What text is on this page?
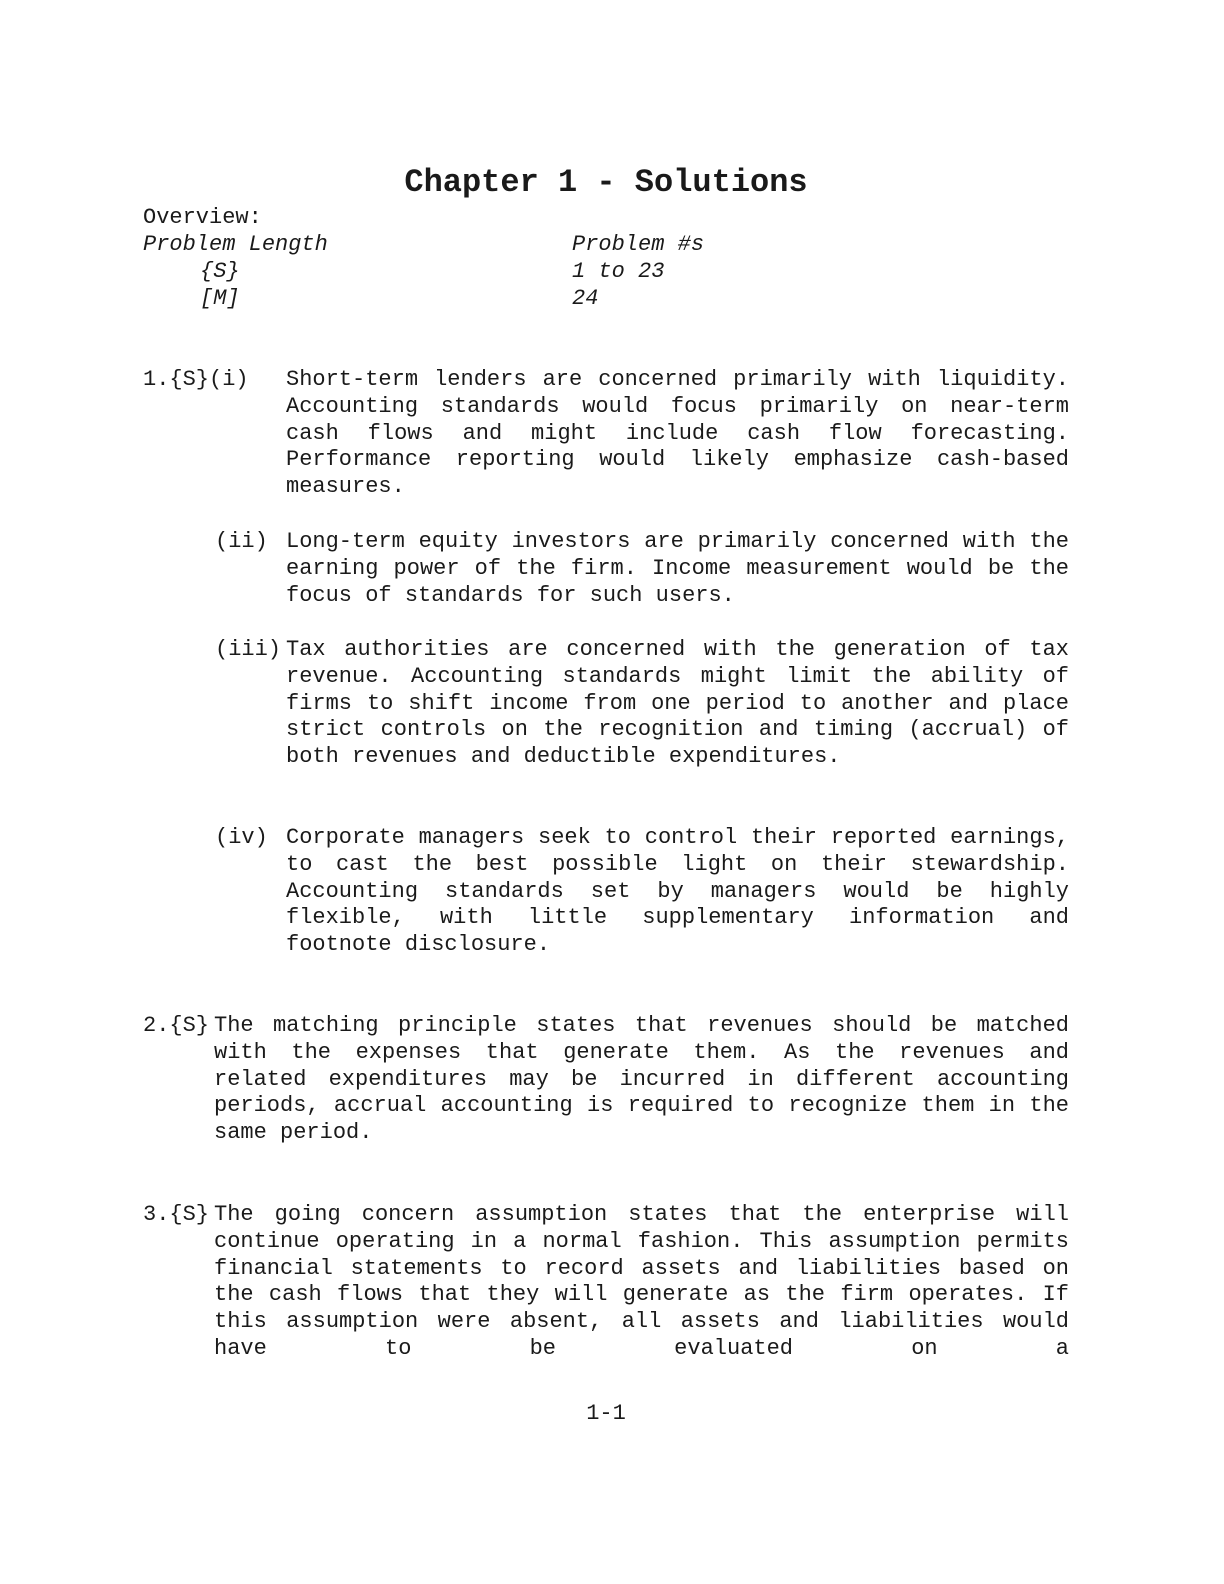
Chapter 1 - Solutions
Overview:
Problem Length	Problem #s
{S}	1 to 23
[M]	24
1.{S}(i) Short-term lenders are concerned primarily with liquidity. Accounting standards would focus primarily on near-term cash flows and might include cash flow forecasting. Performance reporting would likely emphasize cash-based measures.

(ii) Long-term equity investors are primarily concerned with the earning power of the firm. Income measurement would be the focus of standards for such users.

(iii) Tax authorities are concerned with the generation of tax revenue. Accounting standards might limit the ability of firms to shift income from one period to another and place strict controls on the recognition and timing (accrual) of both revenues and deductible expenditures.

(iv) Corporate managers seek to control their reported earnings, to cast the best possible light on their stewardship. Accounting standards set by managers would be highly flexible, with little supplementary information and footnote disclosure.

2.{S} The matching principle states that revenues should be matched with the expenses that generate them. As the revenues and related expenditures may be incurred in different accounting periods, accrual accounting is required to recognize them in the same period.

3.{S} The going concern assumption states that the enterprise will continue operating in a normal fashion. This assumption permits financial statements to record assets and liabilities based on the cash flows that they will generate as the firm operates. If this assumption were absent, all assets and liabilities would have to be evaluated on a

1-1
